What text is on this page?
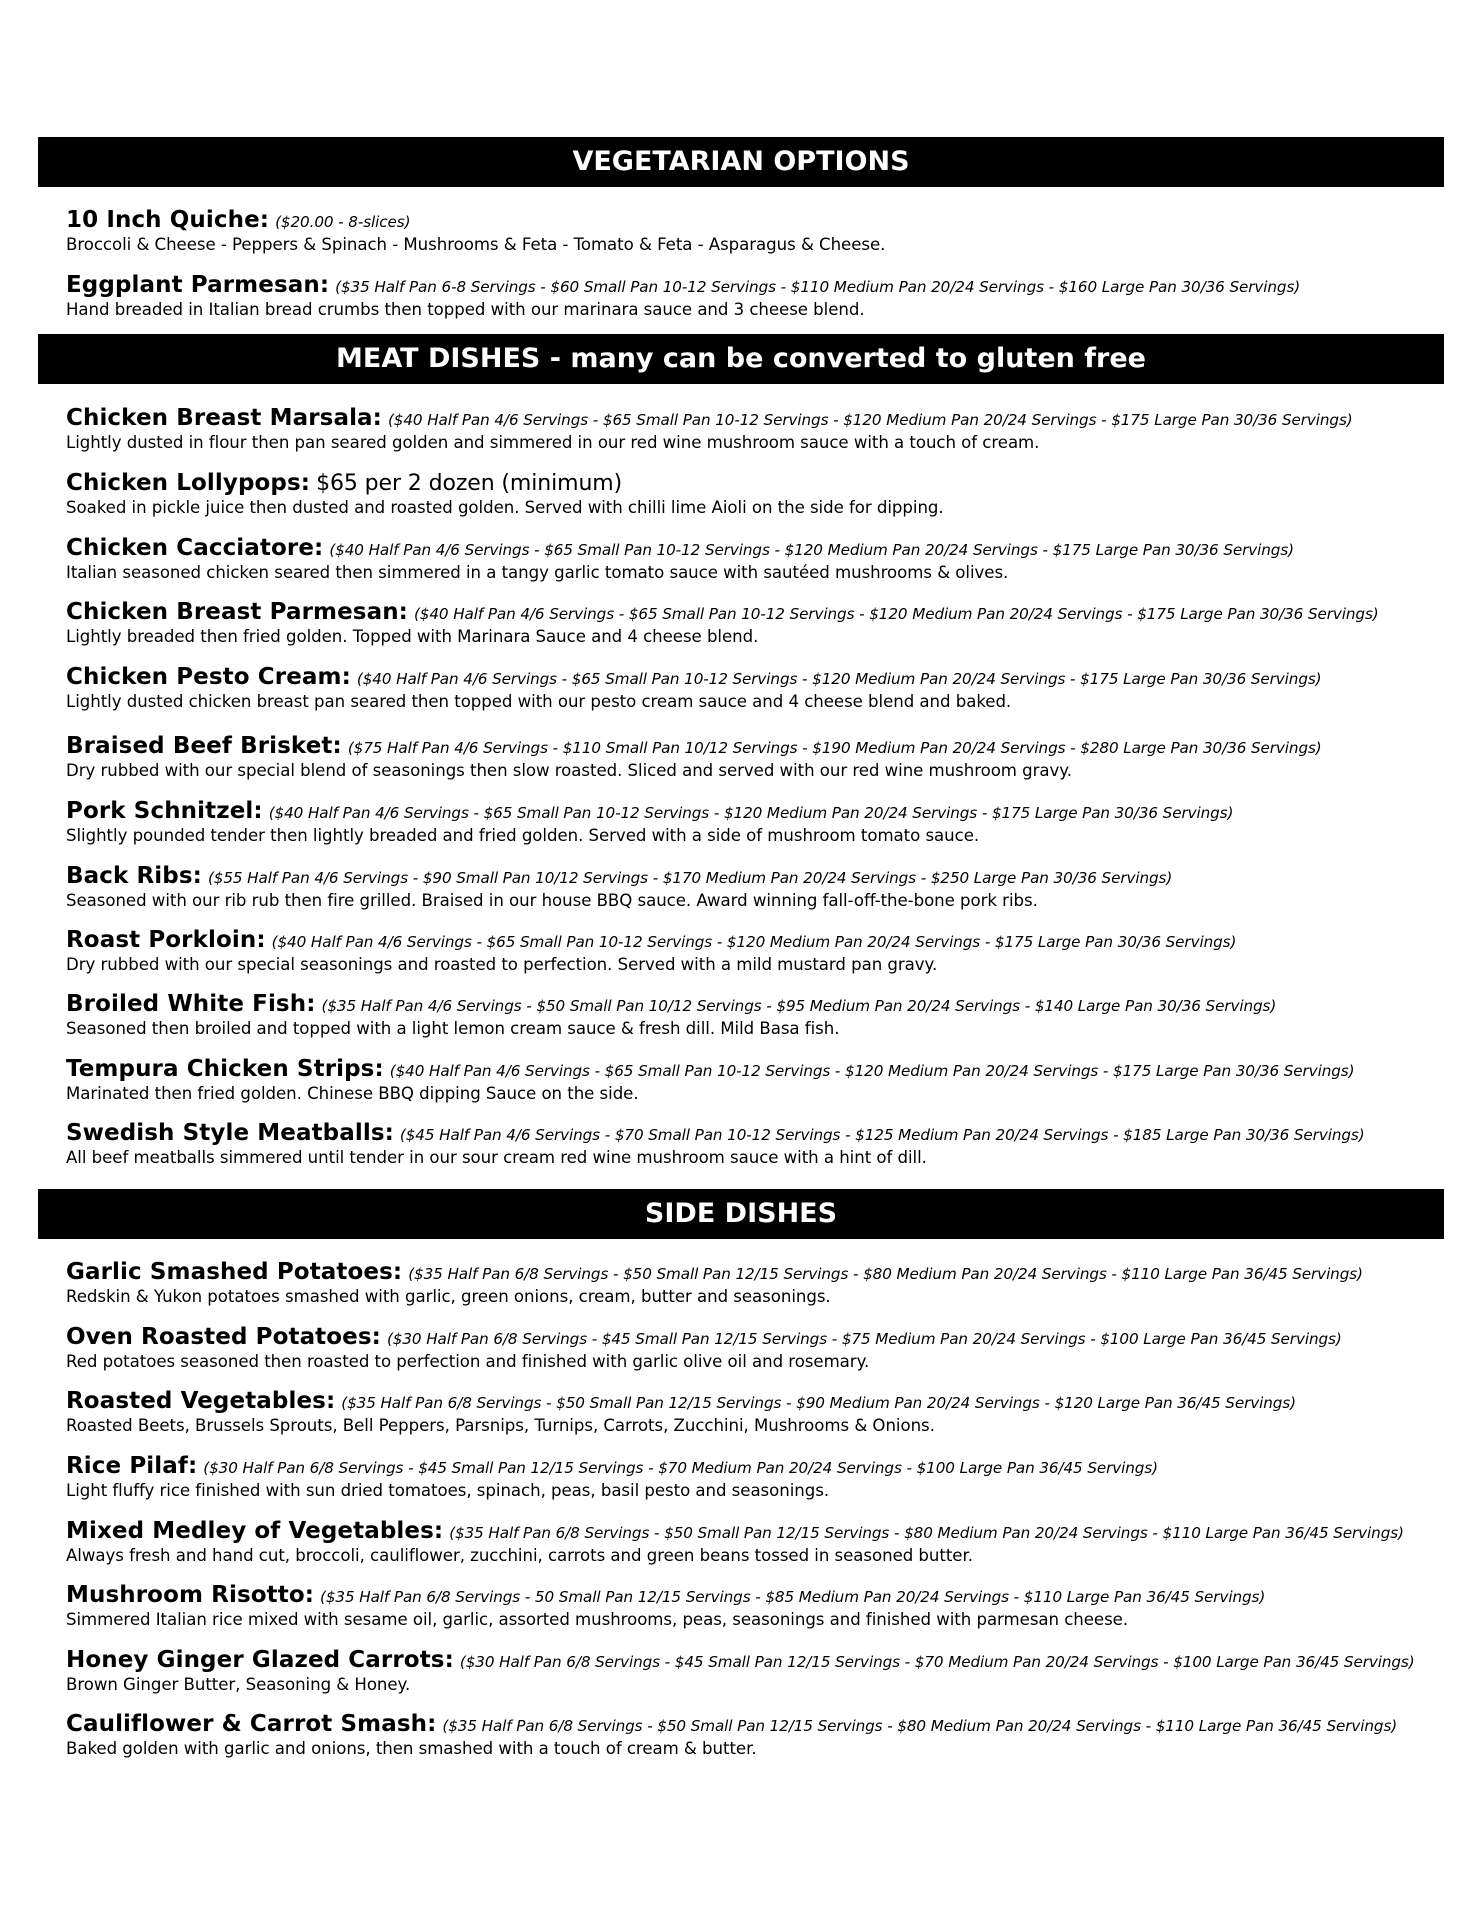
VEGETARIAN OPTIONS
10 Inch Quiche: ($20.00 - 8-slices)
Broccoli & Cheese - Peppers & Spinach - Mushrooms & Feta - Tomato & Feta - Asparagus & Cheese.
Eggplant Parmesan: ($35 Half Pan 6-8 Servings - $60 Small Pan 10-12 Servings - $110 Medium Pan 20/24 Servings - $160 Large Pan 30/36 Servings)
Hand breaded in Italian bread crumbs then topped with our marinara sauce and 3 cheese blend.
MEAT DISHES - many can be converted to gluten free
Chicken Breast Marsala: ($40 Half Pan 4/6 Servings - $65 Small Pan 10-12 Servings - $120 Medium Pan 20/24 Servings - $175 Large Pan 30/36 Servings)
Lightly dusted in flour then pan seared golden and simmered in our red wine mushroom sauce with a touch of cream.
Chicken Lollypops: $65 per 2 dozen (minimum)
Soaked in pickle juice then dusted and roasted golden. Served with chilli lime Aioli on the side for dipping.
Chicken Cacciatore: ($40 Half Pan 4/6 Servings - $65 Small Pan 10-12 Servings - $120 Medium Pan 20/24 Servings - $175 Large Pan 30/36 Servings)
Italian seasoned chicken seared then simmered in a tangy garlic tomato sauce with sautéed mushrooms & olives.
Chicken Breast Parmesan: ($40 Half Pan 4/6 Servings - $65 Small Pan 10-12 Servings - $120 Medium Pan 20/24 Servings - $175 Large Pan 30/36 Servings)
Lightly breaded then fried golden. Topped with Marinara Sauce and 4 cheese blend.
Chicken Pesto Cream: ($40 Half Pan 4/6 Servings - $65 Small Pan 10-12 Servings - $120 Medium Pan 20/24 Servings - $175 Large Pan 30/36 Servings)
Lightly dusted chicken breast pan seared then topped with our pesto cream sauce and 4 cheese blend and baked.
Braised Beef Brisket: ($75 Half Pan 4/6 Servings - $110 Small Pan 10/12 Servings - $190 Medium Pan 20/24 Servings - $280 Large Pan 30/36 Servings)
Dry rubbed with our special blend of seasonings then slow roasted. Sliced and served with our red wine mushroom gravy.
Pork Schnitzel: ($40 Half Pan 4/6 Servings - $65 Small Pan 10-12 Servings - $120 Medium Pan 20/24 Servings - $175 Large Pan 30/36 Servings)
Slightly pounded tender then lightly breaded and fried golden. Served with a side of mushroom tomato sauce.
Back Ribs: ($55 Half Pan 4/6 Servings - $90 Small Pan 10/12 Servings - $170 Medium Pan 20/24 Servings - $250 Large Pan 30/36 Servings)
Seasoned with our rib rub then fire grilled. Braised in our house BBQ sauce. Award winning fall-off-the-bone pork ribs.
Roast Porkloin: ($40 Half Pan 4/6 Servings - $65 Small Pan 10-12 Servings - $120 Medium Pan 20/24 Servings - $175 Large Pan 30/36 Servings)
Dry rubbed with our special seasonings and roasted to perfection. Served with a mild mustard pan gravy.
Broiled White Fish: ($35 Half Pan 4/6 Servings - $50 Small Pan 10/12 Servings - $95 Medium Pan 20/24 Servings - $140 Large Pan 30/36 Servings)
Seasoned then broiled and topped with a light lemon cream sauce & fresh dill. Mild Basa fish.
Tempura Chicken Strips: ($40 Half Pan 4/6 Servings - $65 Small Pan 10-12 Servings - $120 Medium Pan 20/24 Servings - $175 Large Pan 30/36 Servings)
Marinated then fried golden. Chinese BBQ dipping Sauce on the side.
Swedish Style Meatballs: ($45 Half Pan 4/6 Servings - $70 Small Pan 10-12 Servings - $125 Medium Pan 20/24 Servings - $185 Large Pan 30/36 Servings)
All beef meatballs simmered until tender in our sour cream red wine mushroom sauce with a hint of dill.
SIDE DISHES
Garlic Smashed Potatoes: ($35 Half Pan 6/8 Servings - $50 Small Pan 12/15 Servings - $80 Medium Pan 20/24 Servings - $110 Large Pan 36/45 Servings)
Redskin & Yukon potatoes smashed with garlic, green onions, cream, butter and seasonings.
Oven Roasted Potatoes: ($30 Half Pan 6/8 Servings - $45 Small Pan 12/15 Servings - $75 Medium Pan 20/24 Servings - $100 Large Pan 36/45 Servings)
Red potatoes seasoned then roasted to perfection and finished with garlic olive oil and rosemary.
Roasted Vegetables: ($35 Half Pan 6/8 Servings - $50 Small Pan 12/15 Servings - $90 Medium Pan 20/24 Servings - $120 Large Pan 36/45 Servings)
Roasted Beets, Brussels Sprouts, Bell Peppers, Parsnips, Turnips, Carrots, Zucchini, Mushrooms & Onions.
Rice Pilaf: ($30 Half Pan 6/8 Servings - $45 Small Pan 12/15 Servings - $70 Medium Pan 20/24 Servings - $100 Large Pan 36/45 Servings)
Light fluffy rice finished with sun dried tomatoes, spinach, peas, basil pesto and seasonings.
Mixed Medley of Vegetables: ($35 Half Pan 6/8 Servings - $50 Small Pan 12/15 Servings - $80 Medium Pan 20/24 Servings - $110 Large Pan 36/45 Servings)
Always fresh and hand cut, broccoli, cauliflower, zucchini, carrots and green beans tossed in seasoned butter.
Mushroom Risotto: ($35 Half Pan 6/8 Servings - 50 Small Pan 12/15 Servings - $85 Medium Pan 20/24 Servings - $110 Large Pan 36/45 Servings)
Simmered Italian rice mixed with sesame oil, garlic, assorted mushrooms, peas, seasonings and finished with parmesan cheese.
Honey Ginger Glazed Carrots: ($30 Half Pan 6/8 Servings - $45 Small Pan 12/15 Servings - $70 Medium Pan 20/24 Servings - $100 Large Pan 36/45 Servings)
Brown Ginger Butter, Seasoning & Honey.
Cauliflower & Carrot Smash: ($35 Half Pan 6/8 Servings - $50 Small Pan 12/15 Servings - $80 Medium Pan 20/24 Servings - $110 Large Pan 36/45 Servings)
Baked golden with garlic and onions, then smashed with a touch of cream & butter.
